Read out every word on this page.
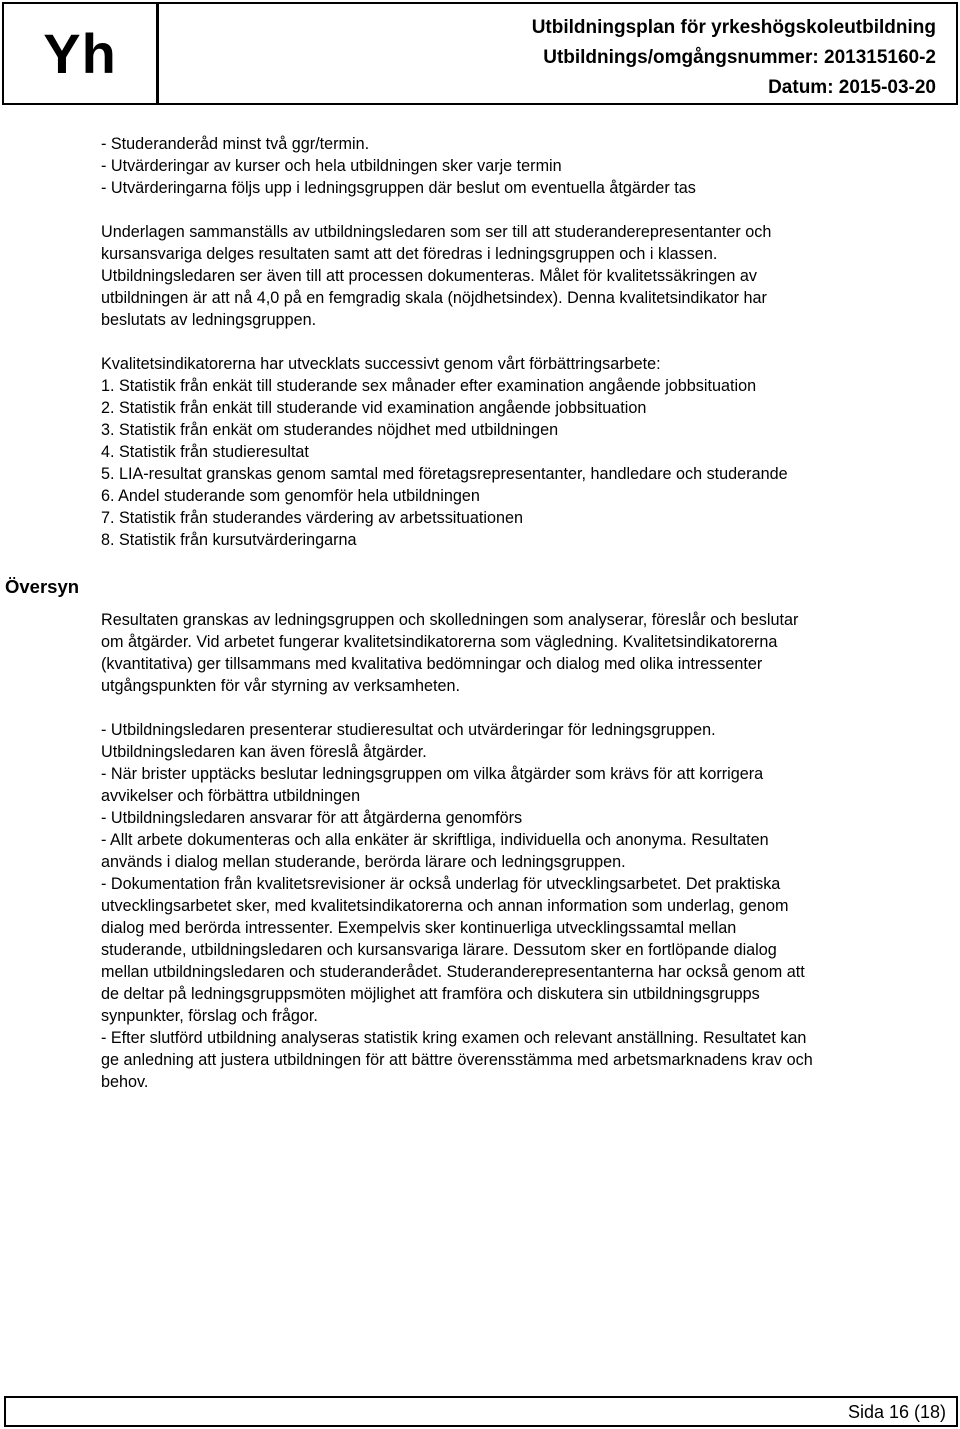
Yh	Utbildningsplan för yrkeshögskoleutbildning
Utbildnings/omgångsnummer: 201315160-2
Datum: 2015-03-20
Översyn

- Studeranderåd minst två ggr/termin.

- Utvärderingar av kurser och hela utbildningen sker varje termin

- Utvärderingarna följs upp i ledningsgruppen där beslut om eventuella åtgärder tas

Underlagen sammanställs av utbildningsledaren som ser till att studeranderepresentanter och

kursansvariga delges resultaten samt att det föredras i ledningsgruppen och i klassen.

Utbildningsledaren ser även till att processen dokumenteras. Målet för kvalitetssäkringen av

utbildningen är att nå 4,0 på en femgradig skala (nöjdhetsindex). Denna kvalitetsindikator har

beslutats av ledningsgruppen.

Kvalitetsindikatorerna har utvecklats successivt genom vårt förbättringsarbete:

1. Statistik från enkät till studerande sex månader efter examination angående jobbsituation

2. Statistik från enkät till studerande vid examination angående jobbsituation

3. Statistik från enkät om studerandes nöjdhet med utbildningen

4. Statistik från studieresultat

5. LIA-resultat granskas genom samtal med företagsrepresentanter, handledare och studerande

6. Andel studerande som genomför hela utbildningen

7. Statistik från studerandes värdering av arbetssituationen

8. Statistik från kursutvärderingarna

Resultaten granskas av ledningsgruppen och skolledningen som analyserar, föreslår och beslutar

om åtgärder. Vid arbetet fungerar kvalitetsindikatorerna som vägledning. Kvalitetsindikatorerna

(kvantitativa) ger tillsammans med kvalitativa bedömningar och dialog med olika intressenter

utgångspunkten för vår styrning av verksamheten.

- Utbildningsledaren presenterar studieresultat och utvärderingar för ledningsgruppen.

Utbildningsledaren kan även föreslå åtgärder.

- När brister upptäcks beslutar ledningsgruppen om vilka åtgärder som krävs för att korrigera

avvikelser och förbättra utbildningen

- Utbildningsledaren ansvarar för att åtgärderna genomförs

- Allt arbete dokumenteras och alla enkäter är skriftliga, individuella och anonyma. Resultaten

används i dialog mellan studerande, berörda lärare och ledningsgruppen.

- Dokumentation från kvalitetsrevisioner är också underlag för utvecklingsarbetet. Det praktiska

utvecklingsarbetet sker, med kvalitetsindikatorerna och annan information som underlag, genom

dialog med berörda intressenter. Exempelvis sker kontinuerliga utvecklingssamtal mellan

studerande, utbildningsledaren och kursansvariga lärare. Dessutom sker en fortlöpande dialog

mellan utbildningsledaren och studeranderådet. Studeranderepresentanterna har också genom att

de deltar på ledningsgruppsmöten möjlighet att framföra och diskutera sin utbildningsgrupps

synpunkter, förslag och frågor.

- Efter slutförd utbildning analyseras statistik kring examen och relevant anställning. Resultatet kan

ge anledning att justera utbildningen för att bättre överensstämma med arbetsmarknadens krav och

behov.

Sida 16 (18)
